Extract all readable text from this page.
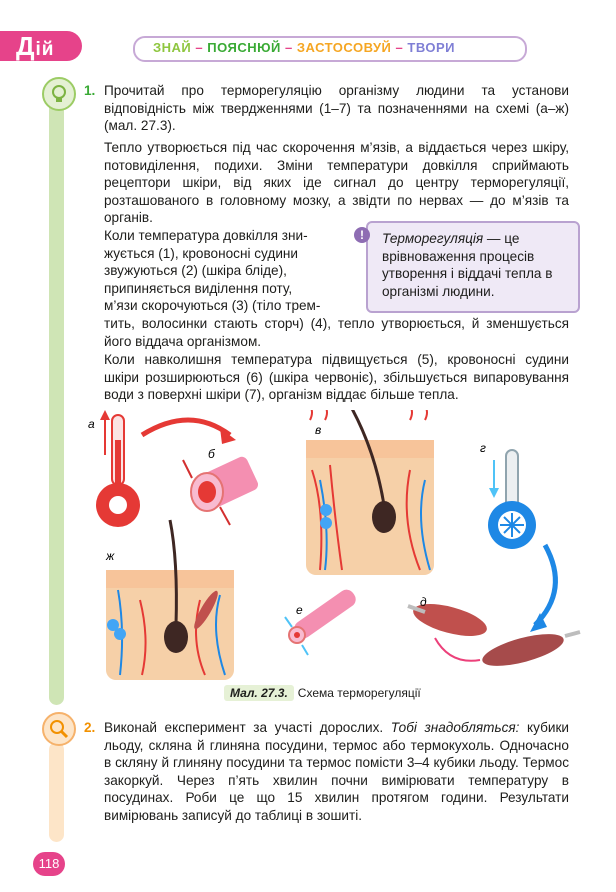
Дій	ЗНАЙ – ПОЯСНЮЙ – ЗАСТОСОВУЙ – ТВОРИ
1. Прочитай про терморегуляцію організму людини та установи відповідність між твердженнями (1–7) та позначеннями на схемі (а–ж) (мал. 27.3).
Тепло утворюється під час скорочення м’язів, а віддається через шкіру, потовиділення, подихи. Зміни температури довкілля сприймають рецептори шкіри, від яких іде сигнал до центру терморегуляції, розташованого в головному мозку, а звідти по нервах — до м’язів та органів.
Коли температура довкілля зни-
жується (1), кровоносні судини
звужуються (2) (шкіра бліде),
припиняється виділення поту,
м’язи скорочуються (3) (тіло трем-
тить, волосинки стають сторч) (4), тепло утворюється, й зменшується його віддача організмом.
!	Терморегуляція — це врівноваження процесів утворення і віддачі тепла в організмі людини.
Коли навколишня температура підвищується (5), кровоносні судини шкіри розширюються (6) (шкіра червоніє), збільшується випаровування води з поверхні шкіри (7), організм віддає більше тепла.
а
б
в
г
д
е
ж
Мал. 27.3. Схема терморегуляції
2. Виконай експеримент за участі дорослих. Тобі знадобляться: кубики льоду, скляна й глиняна посудини, термос або термокухоль. Одночасно в скляну й глиняну посудини та термос помісти 3–4 кубики льоду. Термос закоркуй. Через п’ять хвилин почни вимірювати температуру в посудинах. Роби це що 15 хвилин протягом години. Результати вимірювань записуй до таблиці в зошиті.
118
